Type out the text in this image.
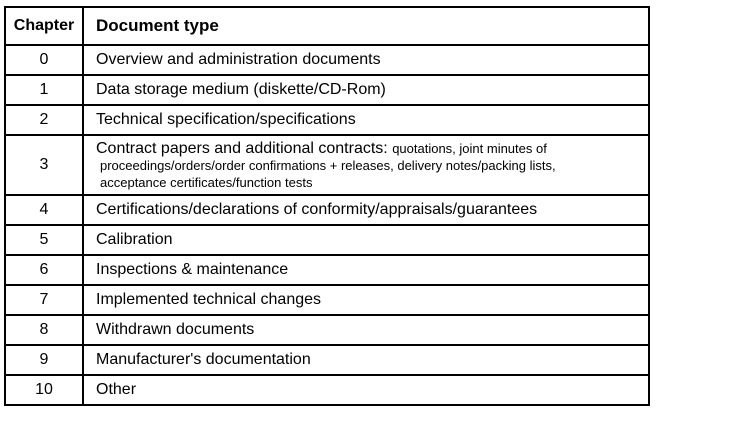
Chapter	Document type
0	Overview and administration documents
1	Data storage medium (diskette/CD-Rom)
2	Technical specification/specifications
3	Contract papers and additional contracts: quotations, joint minutes of
proceedings/orders/order confirmations + releases, delivery notes/packing lists,
acceptance certificates/function tests

4	Certifications/declarations of conformity/appraisals/guarantees
5	Calibration
6	Inspections & maintenance
7	Implemented technical changes
8	Withdrawn documents
9	Manufacturer's documentation
10	Other
